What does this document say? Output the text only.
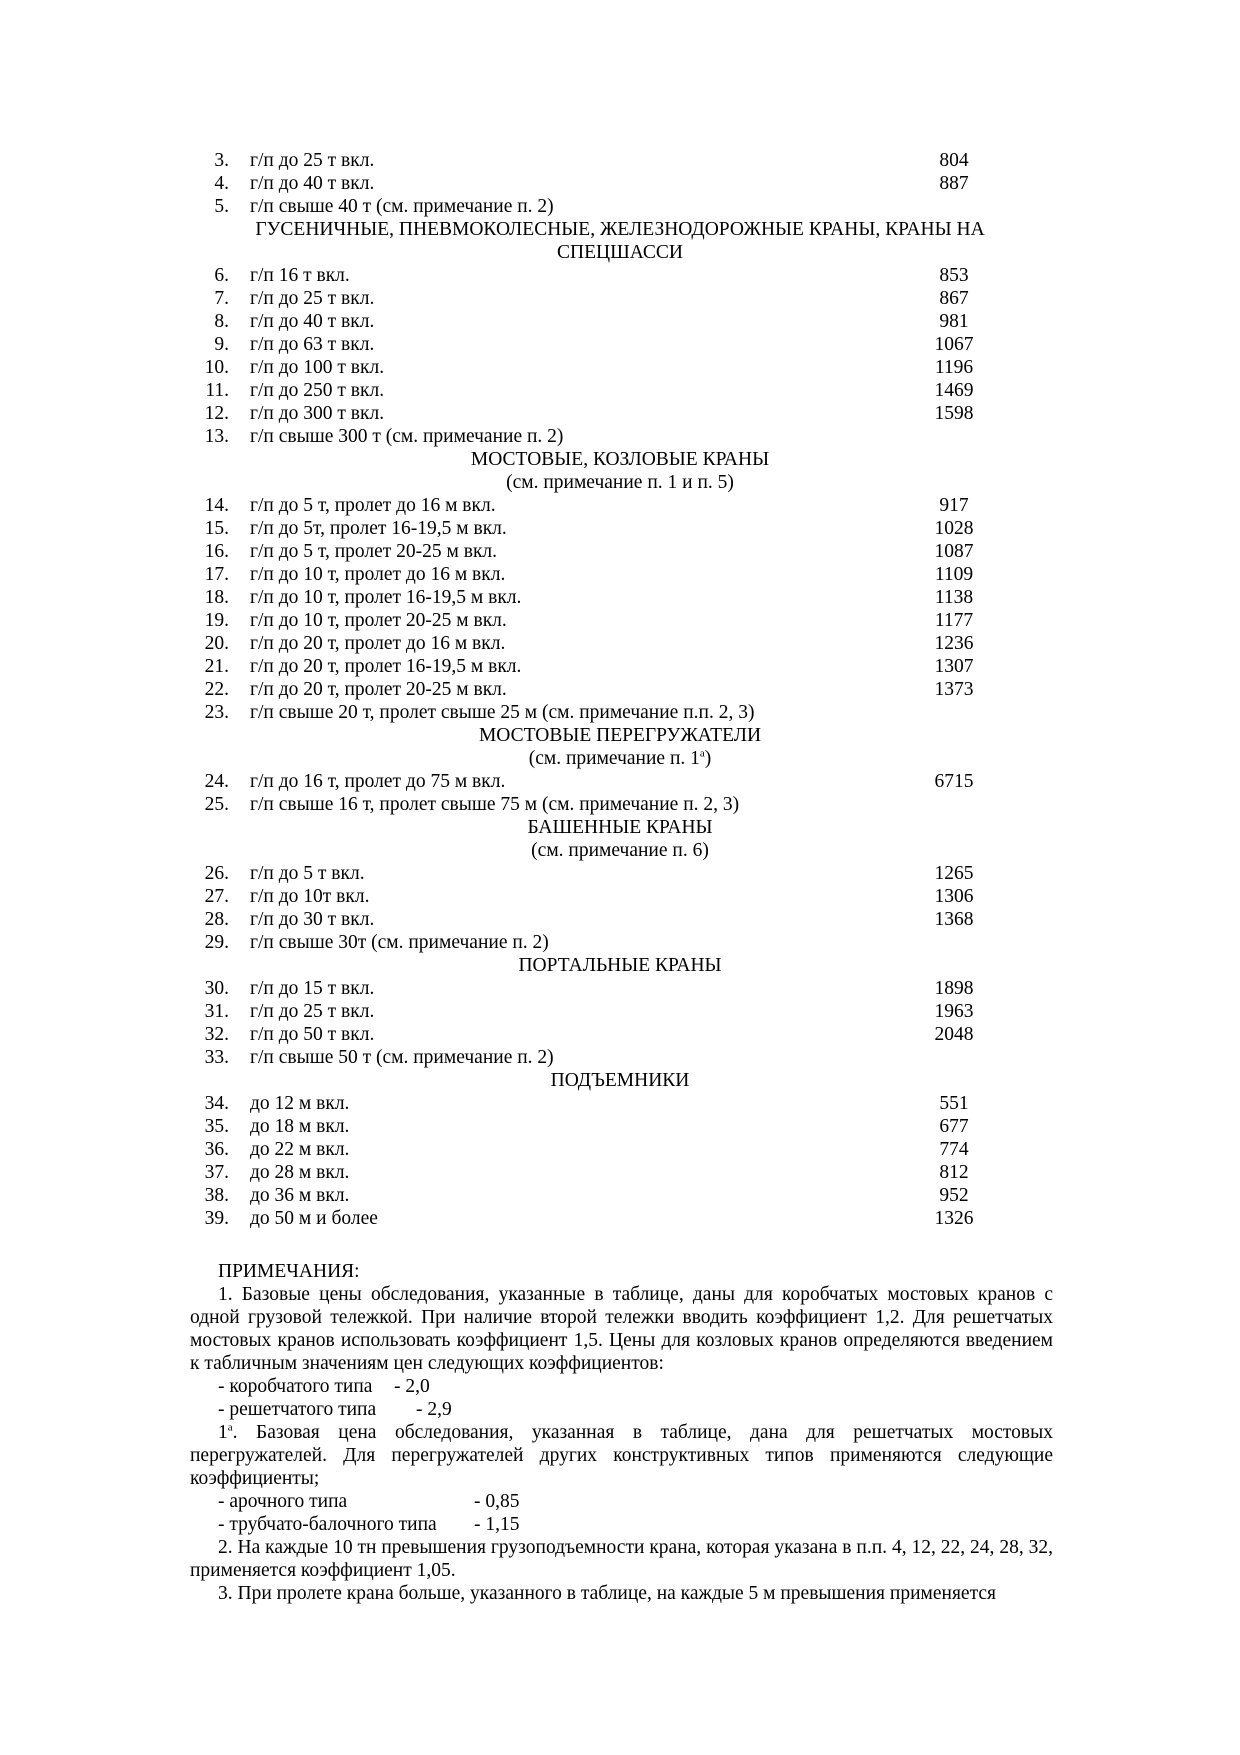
3. г/п до 25 т вкл.	804
4. г/п до 40 т вкл.	887
5. г/п свыше 40 т (см. примечание п. 2)
ГУСЕНИЧНЫЕ, ПНЕВМОКОЛЕСНЫЕ, ЖЕЛЕЗНОДОРОЖНЫЕ КРАНЫ, КРАНЫ НА
СПЕЦШАССИ
6. г/п 16 т вкл.	853
7. г/п до 25 т вкл.	867
8. г/п до 40 т вкл.	981
9. г/п до 63 т вкл.	1067
10. г/п до 100 т вкл.	1196
11. г/п до 250 т вкл.	1469
12. г/п до 300 т вкл.	1598
13. г/п свыше 300 т (см. примечание п. 2)
МОСТОВЫЕ, КОЗЛОВЫЕ КРАНЫ
(см. примечание п. 1 и п. 5)
14. г/п до 5 т, пролет до 16 м вкл.	917
15. г/п до 5т, пролет 16-19,5 м вкл.	1028
16. г/п до 5 т, пролет 20-25 м вкл.	1087
17. г/п до 10 т, пролет до 16 м вкл.	1109
18. г/п до 10 т, пролет 16-19,5 м вкл.	1138
19. г/п до 10 т, пролет 20-25 м вкл.	1177
20. г/п до 20 т, пролет до 16 м вкл.	1236
21. г/п до 20 т, пролет 16-19,5 м вкл.	1307
22. г/п до 20 т, пролет 20-25 м вкл.	1373
23. г/п свыше 20 т, пролет свыше 25 м (см. примечание п.п. 2, 3)
МОСТОВЫЕ ПЕРЕГРУЖАТЕЛИ
(см. примечание п. $1^а$)
24. г/п до 16 т, пролет до 75 м вкл.	6715
25. г/п свыше 16 т, пролет свыше 75 м (см. примечание п. 2, 3)
БАШЕННЫЕ КРАНЫ
(см. примечание п. 6)
26. г/п до 5 т вкл.	1265
27. г/п до 10т вкл.	1306
28. г/п до 30 т вкл.	1368
29. г/п свыше 30т (см. примечание п. 2)
ПОРТАЛЬНЫЕ КРАНЫ
30. г/п до 15 т вкл.	1898
31. г/п до 25 т вкл.	1963
32. г/п до 50 т вкл.	2048
33. г/п свыше 50 т (см. примечание п. 2)
ПОДЪЕМНИКИ
34. до 12 м вкл.	551
35. до 18 м вкл.	677
36. до 22 м вкл.	774
37. до 28 м вкл.	812
38. до 36 м вкл.	952
39. до 50 м и более	1326

ПРИМЕЧАНИЯ:

1. Базовые цены обследования, указанные в таблице, даны для коробчатых мостовых кранов с одной грузовой тележкой. При наличие второй тележки вводить коэффициент 1,2. Для решетчатых мостовых кранов использовать коэффициент 1,5. Цены для козловых кранов определяются введением к табличным значениям цен следующих коэффициентов:

- коробчатого типа - 2,0

- решетчатого типа - 2,9

$1^а$. Базовая цена обследования, указанная в таблице, дана для решетчатых мостовых перегружателей. Для перегружателей других конструктивных типов применяются следующие коэффициенты;

- арочного типа	- 0,85

- трубчато-балочного типа - 1,15

2. На каждые 10 тн превышения грузоподъемности крана, которая указана в п.п. 4, 12, 22, 24, 28, 32, применяется коэффициент 1,05.

3. При пролете крана больше, указанного в таблице, на каждые 5 м превышения применяется
